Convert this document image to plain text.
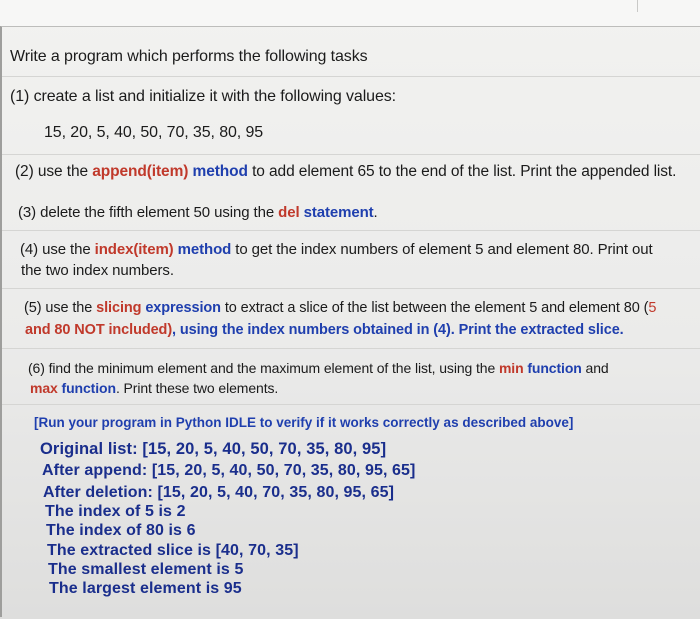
Write a program which performs the following tasks
(1) create a list and initialize it with the following values:
15, 20, 5, 40, 50, 70, 35, 80, 95
(2) use the append(item) method to add element 65 to the end of the list. Print the appended list.
(3) delete the fifth element 50 using the del statement.
(4) use the index(item) method to get the index numbers of element 5 and element 80. Print out
the two index numbers.
(5) use the slicing expression to extract a slice of the list between the element 5 and element 80 (5
and 80 NOT included), using the index numbers obtained in (4). Print the extracted slice.
(6) find the minimum element and the maximum element of the list, using the min function and
max function. Print these two elements.
[Run your program in Python IDLE to verify if it works correctly as described above]
Original list: [15, 20, 5, 40, 50, 70, 35, 80, 95]
After append: [15, 20, 5, 40, 50, 70, 35, 80, 95, 65]
After deletion: [15, 20, 5, 40, 70, 35, 80, 95, 65]
The index of 5 is 2
The index of 80 is 6
The extracted slice is [40, 70, 35]
The smallest element is 5
The largest element is 95
